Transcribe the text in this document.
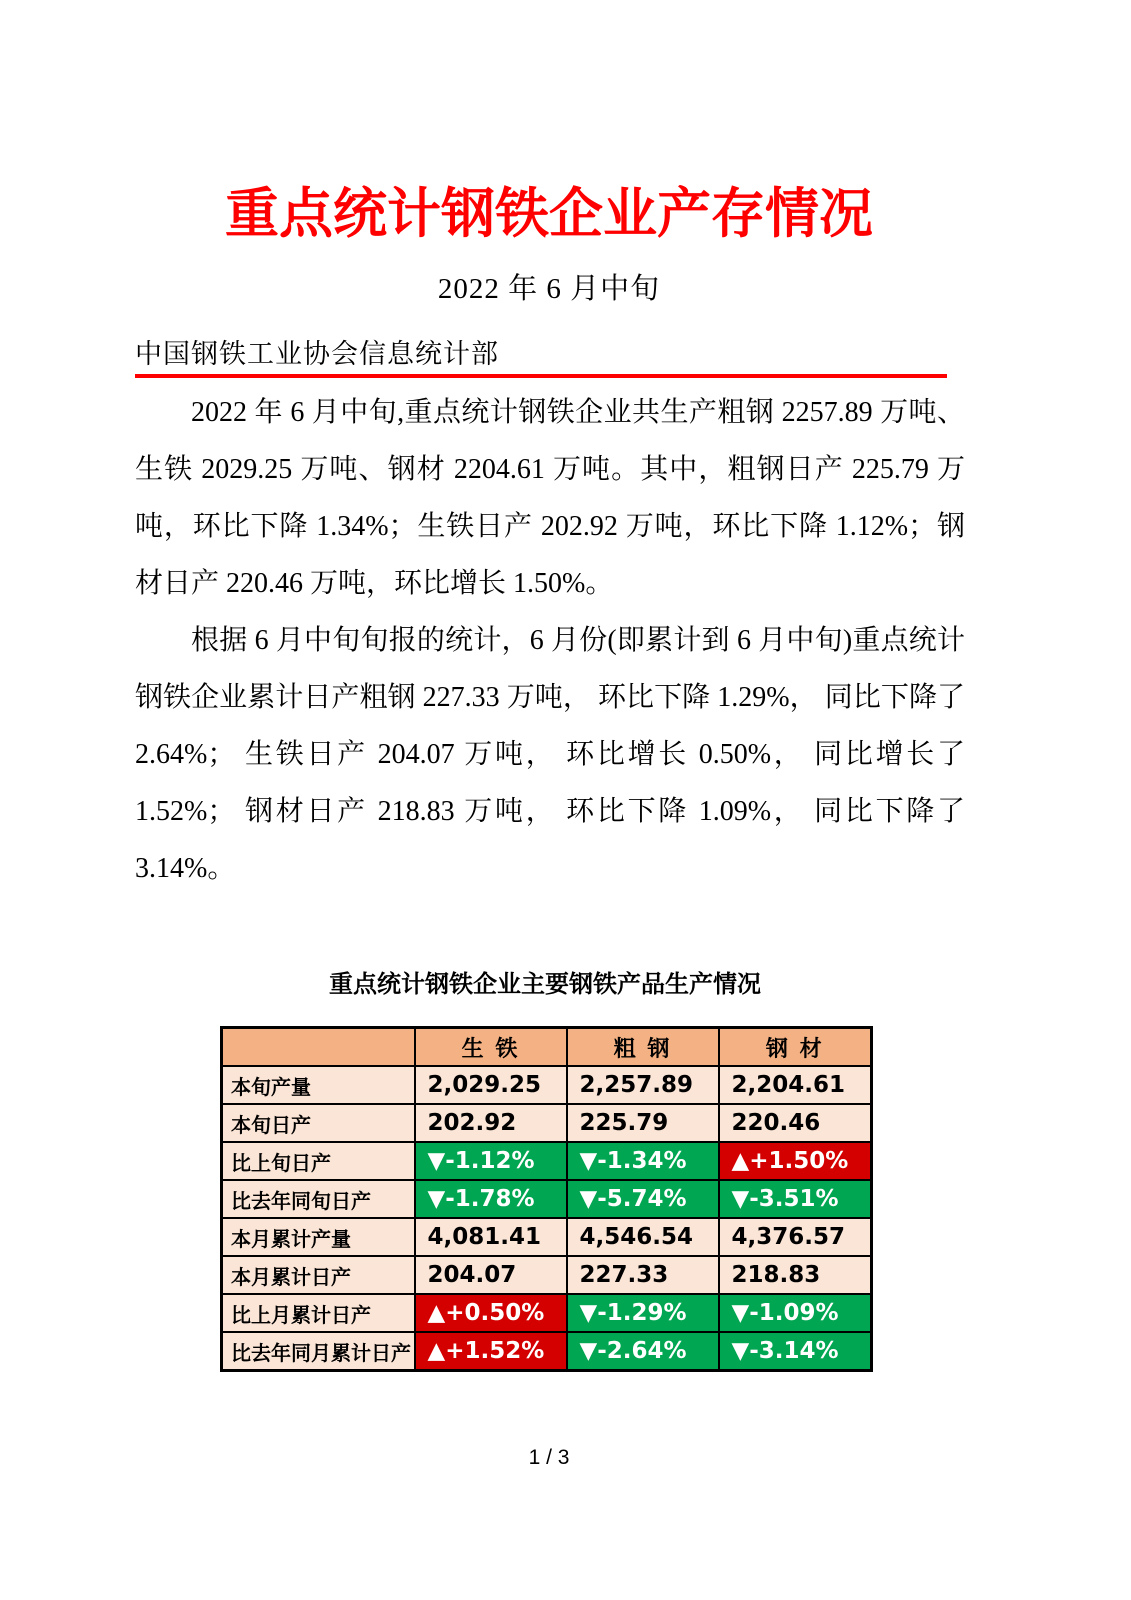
重点统计钢铁企业产存情况
2022 年 6 月中旬
中国钢铁工业协会信息统计部

2022 年 6 月中旬,重点统计钢铁企业共生产粗钢 2257.89 万吨、生铁 2029.25 万吨、钢材 2204.61 万吨。其中，粗钢日产 225.79 万吨，环比下降 1.34%；生铁日产 202.92 万吨，环比下降 1.12%；钢材日产 220.46 万吨，环比增长 1.50%。

根据 6 月中旬旬报的统计，6 月份(即累计到 6 月中旬)重点统计钢铁企业累计日产粗钢 227.33 万吨， 环比下降 1.29%， 同比下降了 2.64%； 生铁日产 204.07 万吨， 环比增长 0.50%， 同比增长了 1.52%； 钢材日产 218.83 万吨， 环比下降 1.09%， 同比下降了 3.14%。

重点统计钢铁企业主要钢铁产品生产情况
	生 铁	粗 钢	钢 材
本旬产量	2,029.25	2,257.89	2,204.61
本旬日产	202.92	225.79	220.46
比上旬日产	▼-1.12%	▼-1.34%	▲+1.50%
比去年同旬日产	▼-1.78%	▼-5.74%	▼-3.51%
本月累计产量	4,081.41	4,546.54	4,376.57
本月累计日产	204.07	227.33	218.83
比上月累计日产	▲+0.50%	▼-1.29%	▼-1.09%
比去年同月累计日产	▲+1.52%	▼-2.64%	▼-3.14%
1 / 3
